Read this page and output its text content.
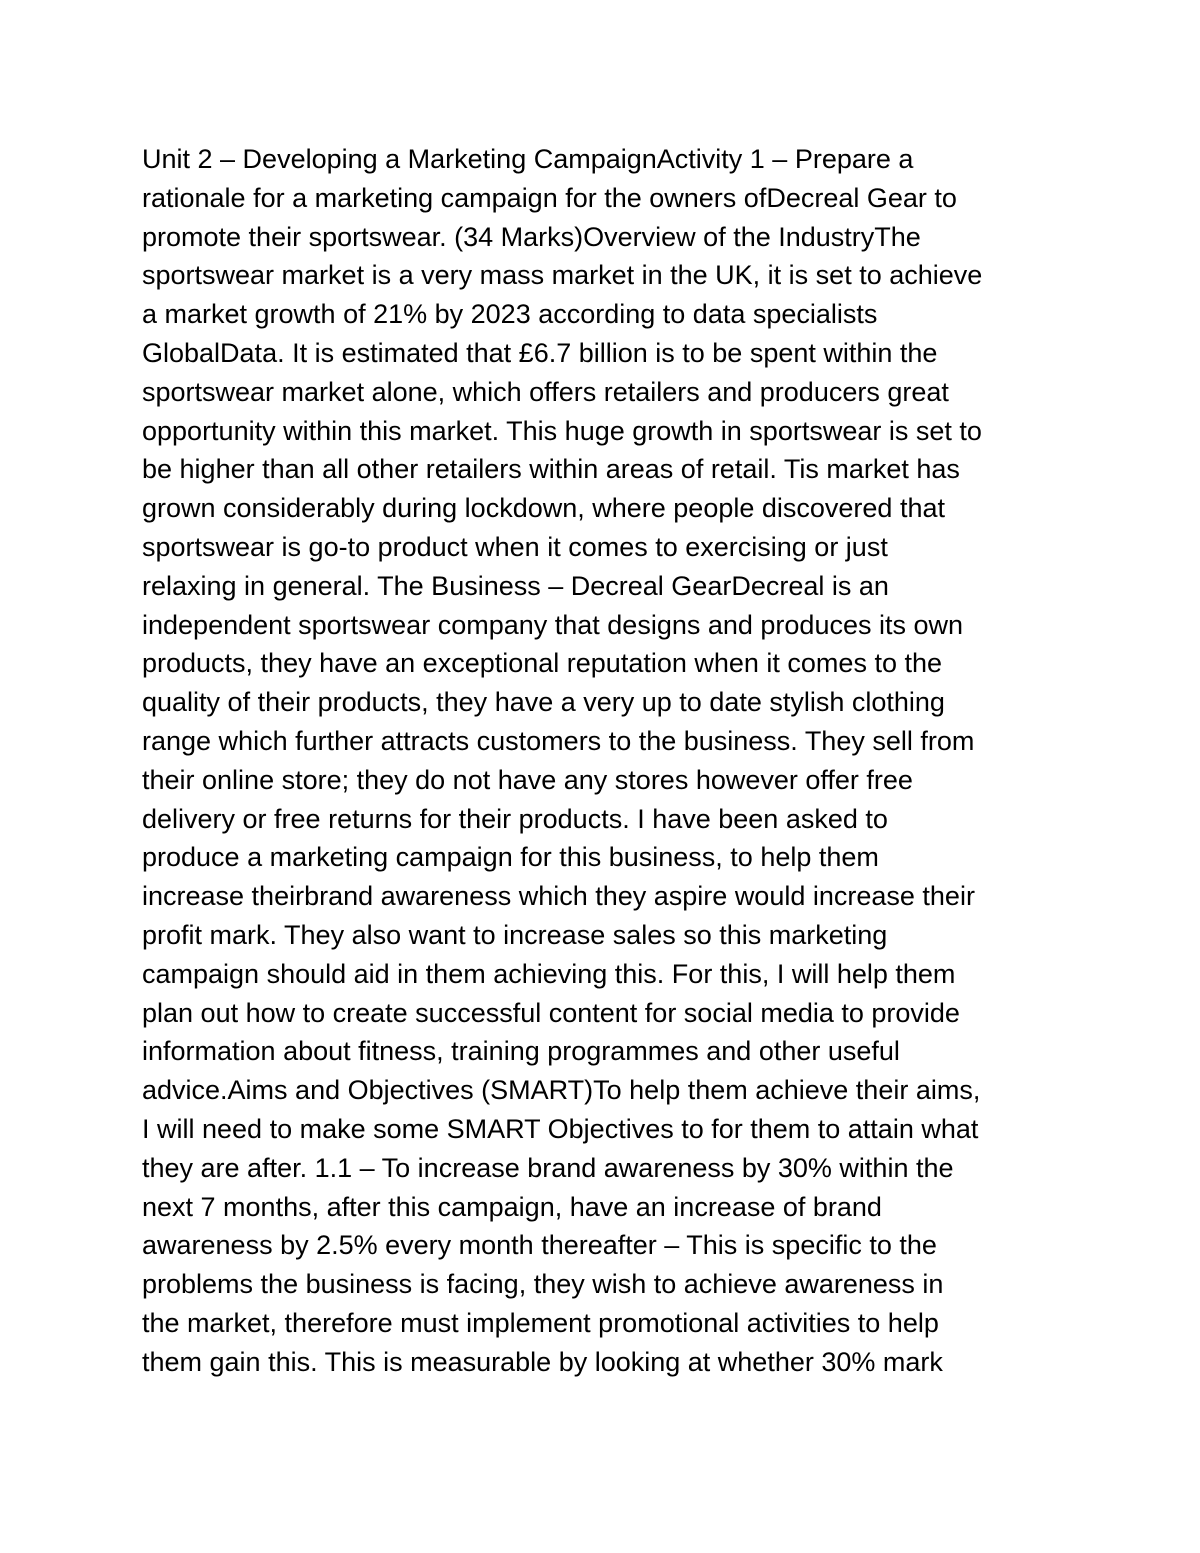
Unit 2 – Developing a Marketing CampaignActivity 1 – Prepare a
rationale for a marketing campaign for the owners ofDecreal Gear to
promote their sportswear. (34 Marks)Overview of the IndustryThe
sportswear market is a very mass market in the UK, it is set to achieve
a market growth of 21% by 2023 according to data specialists
GlobalData. It is estimated that £6.7 billion is to be spent within the
sportswear market alone, which offers retailers and producers great
opportunity within this market. This huge growth in sportswear is set to
be higher than all other retailers within areas of retail. Tis market has
grown considerably during lockdown, where people discovered that
sportswear is go-to product when it comes to exercising or just
relaxing in general. The Business – Decreal GearDecreal is an
independent sportswear company that designs and produces its own
products, they have an exceptional reputation when it comes to the
quality of their products, they have a very up to date stylish clothing
range which further attracts customers to the business. They sell from
their online store; they do not have any stores however offer free
delivery or free returns for their products. I have been asked to
produce a marketing campaign for this business, to help them
increase theirbrand awareness which they aspire would increase their
profit mark. They also want to increase sales so this marketing
campaign should aid in them achieving this. For this, I will help them
plan out how to create successful content for social media to provide
information about fitness, training programmes and other useful
advice.Aims and Objectives (SMART)To help them achieve their aims,
I will need to make some SMART Objectives to for them to attain what
they are after. 1.1 – To increase brand awareness by 30% within the
next 7 months, after this campaign, have an increase of brand
awareness by 2.5% every month thereafter – This is specific to the
problems the business is facing, they wish to achieve awareness in
the market, therefore must implement promotional activities to help
them gain this. This is measurable by looking at whether 30% mark
